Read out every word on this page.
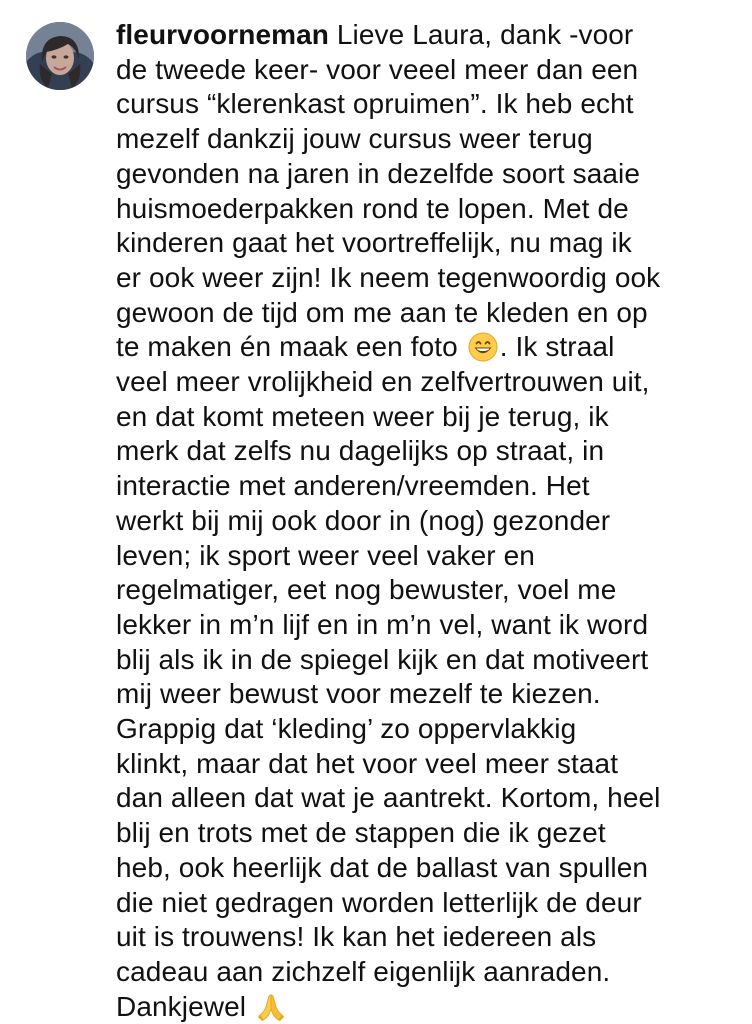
fleurvoorneman Lieve Laura, dank -voor
de tweede keer- voor veeel meer dan een
cursus “klerenkast opruimen”. Ik heb echt
mezelf dankzij jouw cursus weer terug
gevonden na jaren in dezelfde soort saaie
huismoederpakken rond te lopen. Met de
kinderen gaat het voortreffelijk, nu mag ik
er ook weer zijn! Ik neem tegenwoordig ook
gewoon de tijd om me aan te kleden en op
te maken én maak een foto
. Ik straal
veel meer vrolijkheid en zelfvertrouwen uit,
en dat komt meteen weer bij je terug, ik
merk dat zelfs nu dagelijks op straat, in
interactie met anderen/vreemden. Het
werkt bij mij ook door in (nog) gezonder
leven; ik sport weer veel vaker en
regelmatiger, eet nog bewuster, voel me
lekker in m’n lijf en in m’n vel, want ik word
blij als ik in de spiegel kijk en dat motiveert
mij weer bewust voor mezelf te kiezen.
Grappig dat ‘kleding’ zo oppervlakkig
klinkt, maar dat het voor veel meer staat
dan alleen dat wat je aantrekt. Kortom, heel
blij en trots met de stappen die ik gezet
heb, ook heerlijk dat de ballast van spullen
die niet gedragen worden letterlijk de deur
uit is trouwens! Ik kan het iedereen als
cadeau aan zichzelf eigenlijk aanraden.
Dankjewel
